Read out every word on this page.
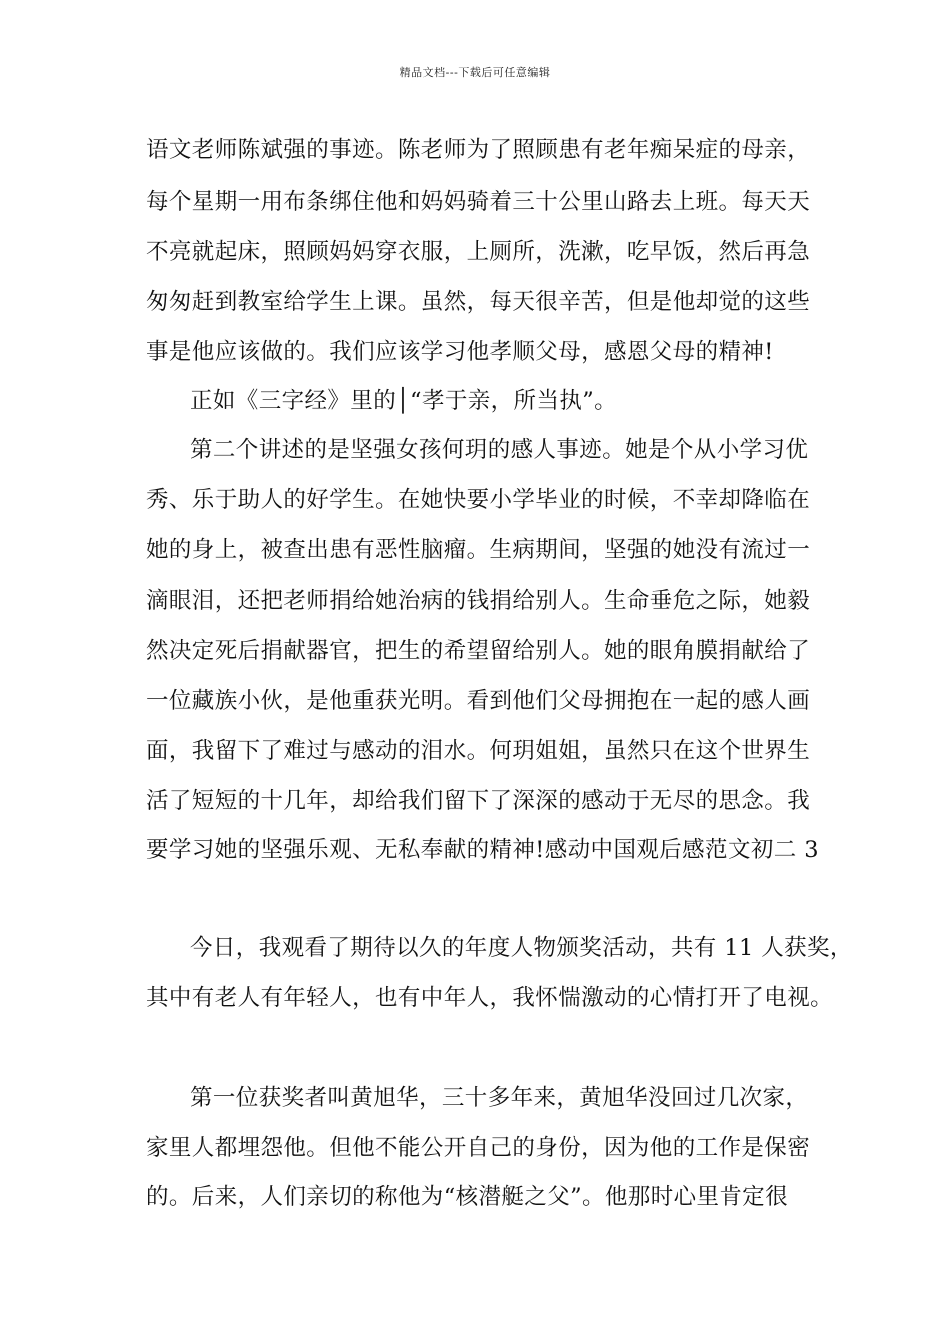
精品文档---下载后可任意编辑
语文老师陈斌强的事迹。陈老师为了照顾患有老年痴呆症的母亲，
每个星期一用布条绑住他和妈妈骑着三十公里山路去上班。每天天
不亮就起床，照顾妈妈穿衣服，上厕所，洗漱，吃早饭，然后再急
匆匆赶到教室给学生上课。虽然，每天很辛苦，但是他却觉的这些
事是他应该做的。我们应该学习他孝顺父母，感恩父母的精神!
正如《三字经》里的│“孝于亲，所当执”。
第二个讲述的是坚强女孩何玥的感人事迹。她是个从小学习优
秀、乐于助人的好学生。在她快要小学毕业的时候，不幸却降临在
她的身上，被查出患有恶性脑瘤。生病期间，坚强的她没有流过一
滴眼泪，还把老师捐给她治病的钱捐给别人。生命垂危之际，她毅
然决定死后捐献器官，把生的希望留给别人。她的眼角膜捐献给了
一位藏族小伙，是他重获光明。看到他们父母拥抱在一起的感人画
面，我留下了难过与感动的泪水。何玥姐姐，虽然只在这个世界生
活了短短的十几年，却给我们留下了深深的感动于无尽的思念。我
要学习她的坚强乐观、无私奉献的精神!感动中国观后感范文初二 3
今日，我观看了期待以久的年度人物颁奖活动，共有 11 人获奖，
其中有老人有年轻人，也有中年人，我怀惴激动的心情打开了电视。
第一位获奖者叫黄旭华，三十多年来，黄旭华没回过几次家，
家里人都埋怨他。但他不能公开自己的身份，因为他的工作是保密
的。后来，人们亲切的称他为“核潜艇之父”。他那时心里肯定很
